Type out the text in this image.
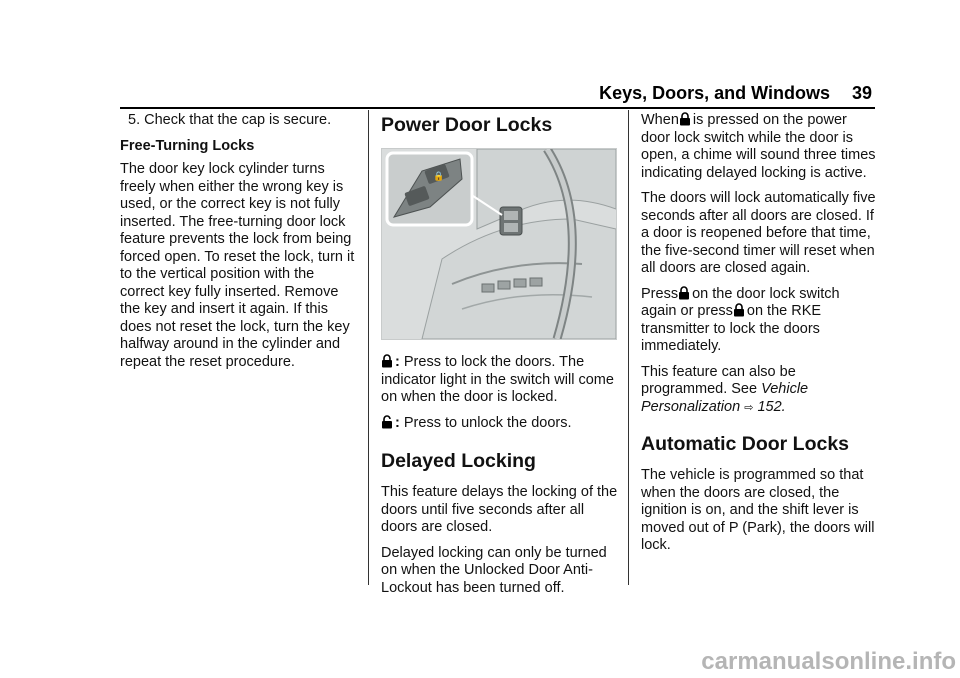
Keys, Doors, and Windows 39

5. Check that the cap is secure.

Free-Turning Locks

The door key lock cylinder turns freely when either the wrong key is used, or the correct key is not fully inserted. The free-turning door lock feature prevents the lock from being forced open. To reset the lock, turn it to the vertical position with the correct key fully inserted. Remove the key and insert it again. If this does not reset the lock, turn the key halfway around in the cylinder and repeat the reset procedure.

Power Door Locks
🔒

: Press to lock the doors. The indicator light in the switch will come on when the door is locked.

: Press to unlock the doors.

Delayed Locking

This feature delays the locking of the doors until five seconds after all doors are closed.

Delayed locking can only be turned on when the Unlocked Door Anti-Lockout has been turned off.

When is pressed on the power door lock switch while the door is open, a chime will sound three times indicating delayed locking is active.

The doors will lock automatically five seconds after all doors are closed. If a door is reopened before that time, the five-second timer will reset when all doors are closed again.

Press on the door lock switch again or press on the RKE transmitter to lock the doors immediately.

This feature can also be programmed. See Vehicle Personalization ⇨ 152.

Automatic Door Locks

The vehicle is programmed so that when the doors are closed, the ignition is on, and the shift lever is moved out of P (Park), the doors will lock.

carmanualsonline.info
